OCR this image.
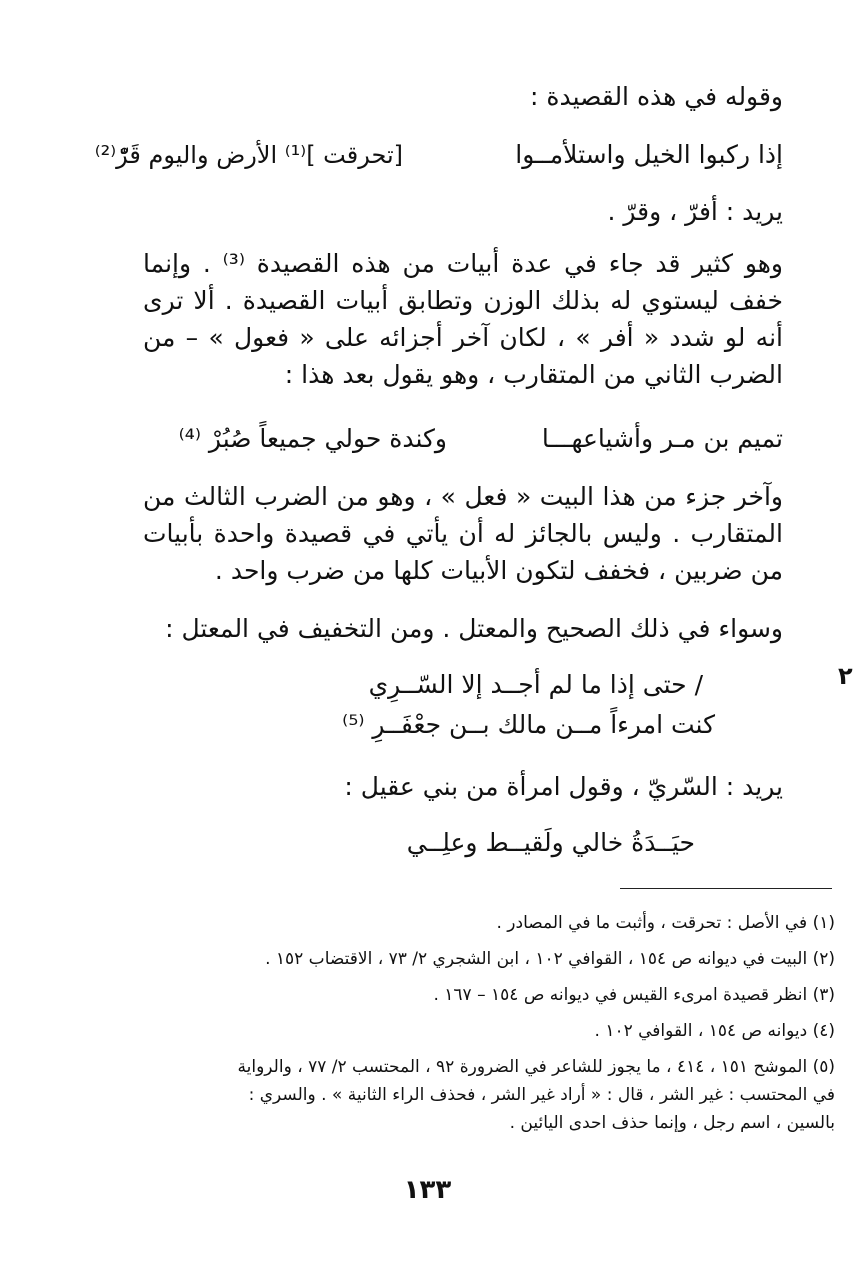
وقوله في هذه القصيدة :
إذا ركبوا الخيل واستلأمــوا
[تحرقت ]⁽¹⁾ الأرض واليوم قَرّْ⁽²⁾
يريد : أفرّ ، وقرّ .
وهو كثير قد جاء في عدة أبيات من هذه القصيدة ⁽³⁾ . وإنما خفف ليستوي له بذلك الوزن وتطابق أبيات القصيدة . ألا ترى أنه لو شدد « أفر » ، لكان آخر أجزائه على « فعول » – من الضرب الثاني من المتقارب ، وهو يقول بعد هذا :
تميم بن مـر وأشياعهـــا
وكندة حولي جميعاً صُبُرْ ⁽⁴⁾
وآخر جزء من هذا البيت « فعل » ، وهو من الضرب الثالث من المتقارب . وليس بالجائز له أن يأتي في قصيدة واحدة بأبيات من ضربين ، فخفف لتكون الأبيات كلها من ضرب واحد .
وسواء في ذلك الصحيح والمعتل . ومن التخفيف في المعتل :
٢
/ حتى إذا ما لم أجــد إلا السّــرِي
كنت امرءاً مــن مالك بــن جعْفَــرِ ⁽⁵⁾
يريد : السّريّ ، وقول امرأة من بني عقيل :
حيَــدَةُ خالي ولَقيــط وعلِــي
(١) في الأصل : تحرقت ، وأثبت ما في المصادر .
(٢) البيت في ديوانه ص ١٥٤ ، القوافي ١٠٢ ، ابن الشجري ٢/ ٧٣ ، الاقتضاب ١٥٢ .
(٣) انظر قصيدة امرىء القيس في ديوانه ص ١٥٤ – ١٦٧ .
(٤) ديوانه ص ١٥٤ ، القوافي ١٠٢ .
(٥) الموشح ١٥١ ، ٤١٤ ، ما يجوز للشاعر في الضرورة ٩٢ ، المحتسب ٢/ ٧٧ ، والرواية
في المحتسب : غير الشر ، قال : « أراد غير الشر ، فحذف الراء الثانية » . والسري :
بالسين ، اسم رجل ، وإنما حذف احدى اليائين .
١٣٣
